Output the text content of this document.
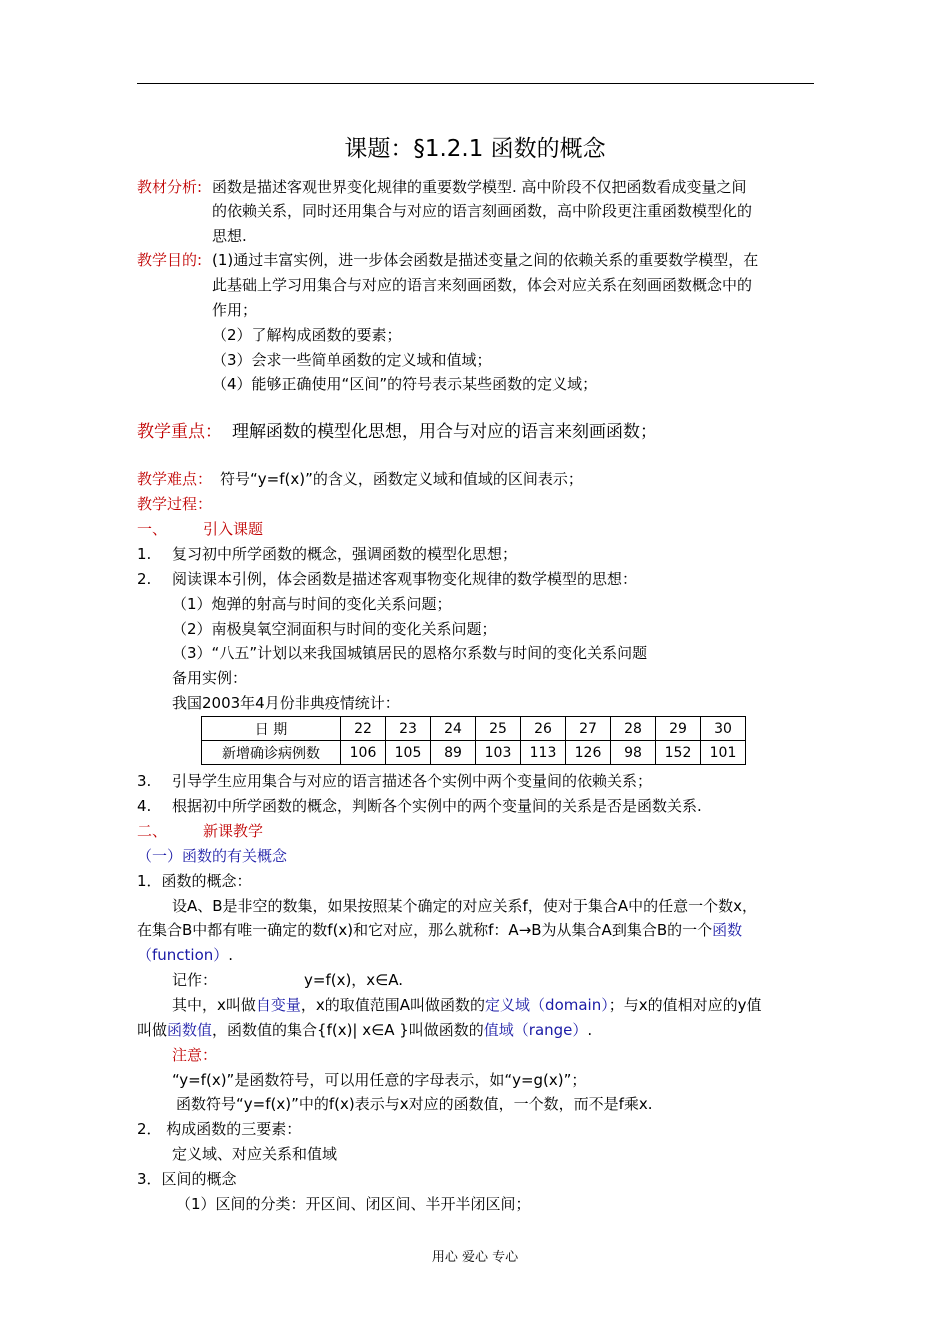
课题：§1.2.1 函数的概念
教材分析: 函数是描述客观世界变化规律的重要数学模型. 高中阶段不仅把函数看成变量之间
的依赖关系，同时还用集合与对应的语言刻画函数，高中阶段更注重函数模型化的
思想.
教学目的: (1)通过丰富实例，进一步体会函数是描述变量之间的依赖关系的重要数学模型，在
此基础上学习用集合与对应的语言来刻画函数，体会对应关系在刻画函数概念中的
作用；
（2）了解构成函数的要素；
（3）会求一些简单函数的定义域和值域；
（4）能够正确使用“区间”的符号表示某些函数的定义域；
教学重点： 理解函数的模型化思想，用合与对应的语言来刻画函数；
教学难点： 符号“y=f(x)”的含义，函数定义域和值域的区间表示；
教学过程：
一、 引入课题
1. 复习初中所学函数的概念，强调函数的模型化思想；
2. 阅读课本引例，体会函数是描述客观事物变化规律的数学模型的思想：
（1）炮弹的射高与时间的变化关系问题；
（2）南极臭氧空洞面积与时间的变化关系问题；
（3）“八五”计划以来我国城镇居民的恩格尔系数与时间的变化关系问题
备用实例：
我国2003年4月份非典疫情统计：
日 期	22	23	24	25	26	27	28	29	30
新增确诊病例数	106	105	89	103	113	126	98	152	101
3. 引导学生应用集合与对应的语言描述各个实例中两个变量间的依赖关系；
4. 根据初中所学函数的概念，判断各个实例中的两个变量间的关系是否是函数关系.
二、 新课教学
（一）函数的有关概念
1．函数的概念：
设A、B是非空的数集，如果按照某个确定的对应关系f，使对于集合A中的任意一个数x，
在集合B中都有唯一确定的数f(x)和它对应，那么就称f：A→B为从集合A到集合B的一个函数
（function）.
记作：	y=f(x)，x∈A.
其中，x叫做自变量，x的取值范围A叫做函数的定义域（domain）；与x的值相对应的y值
叫做函数值，函数值的集合{f(x)| x∈A }叫做函数的值域（range）.
注意：
“y=f(x)”是函数符号，可以用任意的字母表示，如“y=g(x)”；
函数符号“y=f(x)”中的f(x)表示与x对应的函数值，一个数，而不是f乘x.
2． 构成函数的三要素：
定义域、对应关系和值域
3．区间的概念
（1）区间的分类：开区间、闭区间、半开半闭区间；
用心 爱心 专心
